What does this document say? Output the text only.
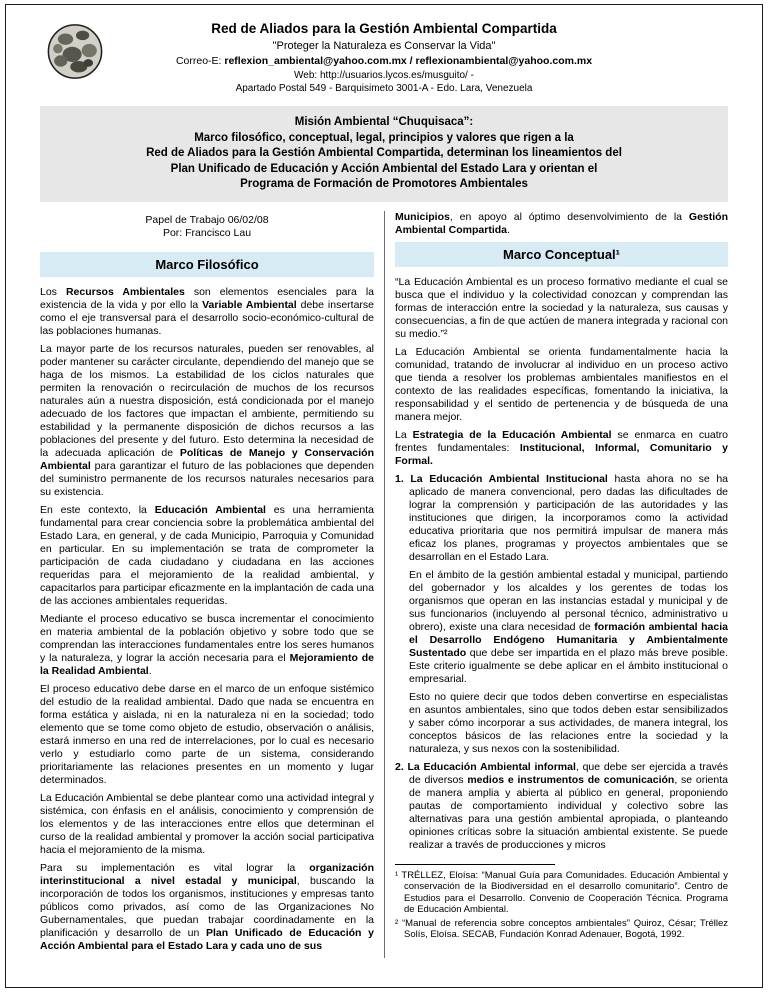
Red de Aliados para la Gestión Ambiental Compartida
"Proteger la Naturaleza es Conservar la Vida"
Correo-E: reflexion_ambiental@yahoo.com.mx / reflexionambiental@yahoo.com.mx
Web: http://usuarios.lycos.es/musguito/ -
Apartado Postal 549 - Barquisimeto 3001-A - Edo. Lara, Venezuela
Misión Ambiental “Chuquisaca”:
Marco filosófico, conceptual, legal, principios y valores que rigen a la
Red de Aliados para la Gestión Ambiental Compartida, determinan los lineamientos del
Plan Unificado de Educación y Acción Ambiental del Estado Lara y orientan el
Programa de Formación de Promotores Ambientales
Papel de Trabajo 06/02/08
Por: Francisco Lau
Marco Filosófico

Los Recursos Ambientales son elementos esenciales para la existencia de la vida y por ello la Variable Ambiental debe insertarse como el eje transversal para el desarrollo socio-económico-cultural de las poblaciones humanas.

La mayor parte de los recursos naturales, pueden ser renovables, al poder mantener su carácter circulante, dependiendo del manejo que se haga de los mismos. La estabilidad de los ciclos naturales que permiten la renovación o recirculación de muchos de los recursos naturales aún a nuestra disposición, está condicionada por el manejo adecuado de los factores que impactan el ambiente, permitiendo su estabilidad y la permanente disposición de dichos recursos a las poblaciones del presente y del futuro. Esto determina la necesidad de la adecuada aplicación de Políticas de Manejo y Conservación Ambiental para garantizar el futuro de las poblaciones que dependen del suministro permanente de los recursos naturales necesarios para su existencia.

En este contexto, la Educación Ambiental es una herramienta fundamental para crear conciencia sobre la problemática ambiental del Estado Lara, en general, y de cada Municipio, Parroquia y Comunidad en particular. En su implementación se trata de comprometer la participación de cada ciudadano y ciudadana en las acciones requeridas para el mejoramiento de la realidad ambiental, y capacitarlos para participar eficazmente en la implantación de cada una de las acciones ambientales requeridas.

Mediante el proceso educativo se busca incrementar el conocimiento en materia ambiental de la población objetivo y sobre todo que se comprendan las interacciones fundamentales entre los seres humanos y la naturaleza, y lograr la acción necesaria para el Mejoramiento de la Realidad Ambiental.

El proceso educativo debe darse en el marco de un enfoque sistémico del estudio de la realidad ambiental. Dado que nada se encuentra en forma estática y aislada, ni en la naturaleza ni en la sociedad; todo elemento que se tome como objeto de estudio, observación o análisis, estará inmerso en una red de interrelaciones, por lo cual es necesario verlo y estudiarlo como parte de un sistema, considerando prioritariamente las relaciones presentes en un momento y lugar determinados.

La Educación Ambiental se debe plantear como una actividad integral y sistémica, con énfasis en el análisis, conocimiento y comprensión de los elementos y de las interacciones entre ellos que determinan el curso de la realidad ambiental y promover la acción social participativa hacia el mejoramiento de la misma.

Para su implementación es vital lograr la organización interinstitucional a nivel estadal y municipal, buscando la incorporación de todos los organismos, instituciones y empresas tanto públicos como privados, así como de las Organizaciones No Gubernamentales, que puedan trabajar coordinadamente en la planificación y desarrollo de un Plan Unificado de Educación y Acción Ambiental para el Estado Lara y cada uno de sus

Municipios, en apoyo al óptimo desenvolvimiento de la Gestión Ambiental Compartida.

Marco Conceptual¹

“La Educación Ambiental es un proceso formativo mediante el cual se busca que el individuo y la colectividad conozcan y comprendan las formas de interacción entre la sociedad y la naturaleza, sus causas y consecuencias, a fin de que actúen de manera integrada y racional con su medio.”²

La Educación Ambiental se orienta fundamentalmente hacia la comunidad, tratando de involucrar al individuo en un proceso activo que tienda a resolver los problemas ambientales manifiestos en el contexto de las realidades específicas, fomentando la iniciativa, la responsabilidad y el sentido de pertenencia y de búsqueda de una manera mejor.

La Estrategia de la Educación Ambiental se enmarca en cuatro frentes fundamentales: Institucional, Informal, Comunitario y Formal.

1. La Educación Ambiental Institucional hasta ahora no se ha aplicado de manera convencional, pero dadas las dificultades de lograr la comprensión y participación de las autoridades y las instituciones que dirigen, la incorporamos como la actividad educativa prioritaria que nos permitirá impulsar de manera más eficaz los planes, programas y proyectos ambientales que se desarrollan en el Estado Lara.

En el ámbito de la gestión ambiental estadal y municipal, partiendo del gobernador y los alcaldes y los gerentes de todas los organismos que operan en las instancias estadal y municipal y de sus funcionarios (incluyendo al personal técnico, administrativo u obrero), existe una clara necesidad de formación ambiental hacia el Desarrollo Endógeno Humanitaria y Ambientalmente Sustentado que debe ser impartida en el plazo más breve posible. Este criterio igualmente se debe aplicar en el ámbito institucional o empresarial.

Esto no quiere decir que todos deben convertirse en especialistas en asuntos ambientales, sino que todos deben estar sensibilizados y saber cómo incorporar a sus actividades, de manera integral, los conceptos básicos de las relaciones entre la sociedad y la naturaleza, y sus nexos con la sostenibilidad.

2. La Educación Ambiental informal, que debe ser ejercida a través de diversos medios e instrumentos de comunicación, se orienta de manera amplia y abierta al público en general, proponiendo pautas de comportamiento individual y colectivo sobre las alternativas para una gestión ambiental apropiada, o planteando opiniones críticas sobre la situación ambiental existente. Se puede realizar a través de producciones y micros

¹ TRÉLLEZ, Eloísa: “Manual Guía para Comunidades. Educación Ambiental y conservación de la Biodiversidad en el desarrollo comunitario”. Centro de Estudios para el Desarrollo. Convenio de Cooperación Técnica. Programa de Educación Ambiental.

² “Manual de referencia sobre conceptos ambientales” Quiroz, César; Tréllez Solís, Eloísa. SECAB, Fundación Konrad Adenauer, Bogotá, 1992.
